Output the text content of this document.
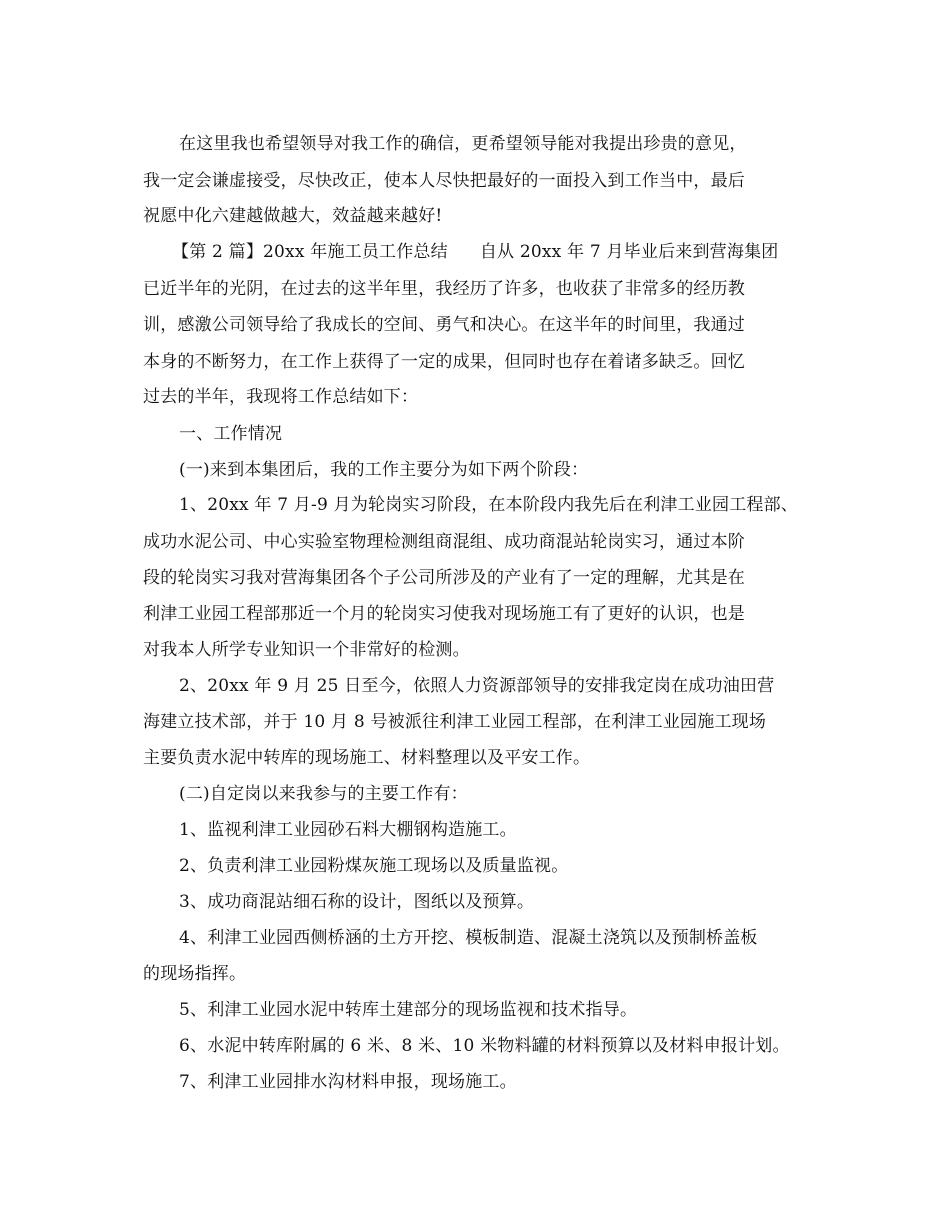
在这里我也希望领导对我工作的确信，更希望领导能对我提出珍贵的意见，
我一定会谦虚接受，尽快改正，使本人尽快把最好的一面投入到工作当中，最后
祝愿中化六建越做越大，效益越来越好!
【第 2 篇】20xx 年施工员工作总结 自从 20xx 年 7 月毕业后来到营海集团
已近半年的光阴，在过去的这半年里，我经历了许多，也收获了非常多的经历教
训，感激公司领导给了我成长的空间、勇气和决心。在这半年的时间里，我通过
本身的不断努力，在工作上获得了一定的成果，但同时也存在着诸多缺乏。回忆
过去的半年，我现将工作总结如下：
一、工作情况
(一)来到本集团后，我的工作主要分为如下两个阶段：
1、20xx 年 7 月-9 月为轮岗实习阶段，在本阶段内我先后在利津工业园工程部、
成功水泥公司、中心实验室物理检测组商混组、成功商混站轮岗实习，通过本阶
段的轮岗实习我对营海集团各个子公司所涉及的产业有了一定的理解，尤其是在
利津工业园工程部那近一个月的轮岗实习使我对现场施工有了更好的认识，也是
对我本人所学专业知识一个非常好的检测。
2、20xx 年 9 月 25 日至今，依照人力资源部领导的安排我定岗在成功油田营
海建立技术部，并于 10 月 8 号被派往利津工业园工程部，在利津工业园施工现场
主要负责水泥中转库的现场施工、材料整理以及平安工作。
(二)自定岗以来我参与的主要工作有：
1、监视利津工业园砂石料大棚钢构造施工。
2、负责利津工业园粉煤灰施工现场以及质量监视。
3、成功商混站细石称的设计，图纸以及预算。
4、利津工业园西侧桥涵的土方开挖、模板制造、混凝土浇筑以及预制桥盖板
的现场指挥。
5、利津工业园水泥中转库土建部分的现场监视和技术指导。
6、水泥中转库附属的 6 米、8 米、10 米物料罐的材料预算以及材料申报计划。
7、利津工业园排水沟材料申报，现场施工。
